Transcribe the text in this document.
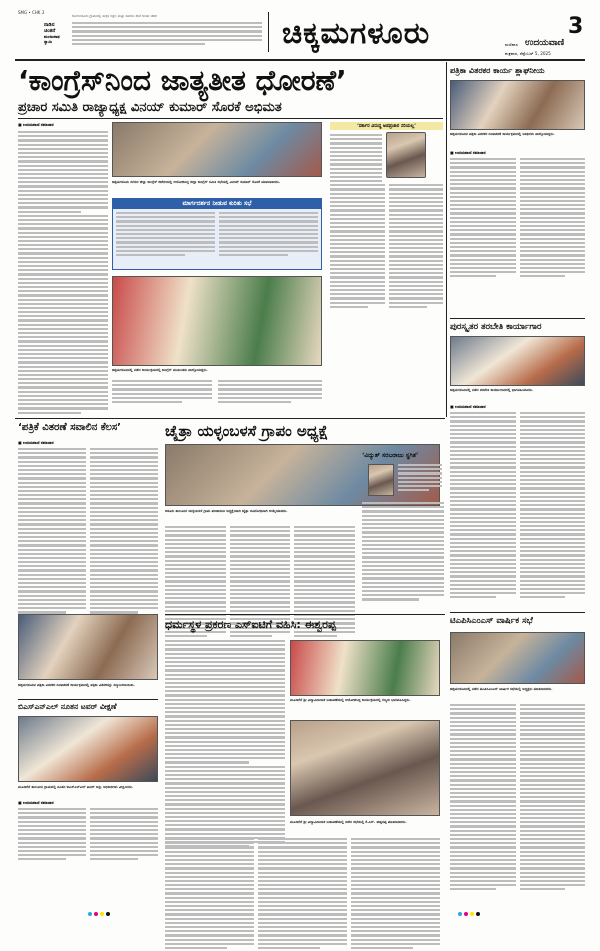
SMG • CHK 3
ನಾಡಿನ
ಚಿಂತನೆ
ಮಂಜುನಾಥ ಸ್ವಾಮಿ
ಕೋಣಂದೂರು ಗ್ರಾಮದಲ್ಲಿ ಮಕ್ಕಳ ಶಿಕ್ಷಣ ಮತ್ತು ಸಮಾಜ ಸೇವೆ ಕುರಿತು ಚರ್ಚೆ	ಚಿಕ್ಕಮಗಳೂರು	3
ಮಣಿಪಾಲ ಉದಯವಾಣಿ
ಶುಕ್ರವಾರ, ಸೆಪ್ಟೆಂಬರ್ 5, 2025
‘ಕಾಂಗ್ರೆಸ್‌ನಿಂದ ಜಾತ್ಯತೀತ ಧೋರಣೆ’
ಪ್ರಚಾರ ಸಮಿತಿ ರಾಜ್ಯಾಧ್ಯಕ್ಷ ವಿನಯ್ ಕುಮಾರ್ ಸೊರಕೆ ಅಭಿಮತ
■ ಉದಯವಾಣಿ ಸಮಾಚಾರ
ಚಿಕ್ಕಮಗಳೂರು ನಗರದ ಜಿಲ್ಲಾ ಕಾಂಗ್ರೆಸ್ ಕಚೇರಿಯಲ್ಲಿ ಆಯೋಜಿಸಿದ್ದ ಜಿಲ್ಲಾ ಕಾಂಗ್ರೆಸ್ ಸಮಿತಿ ಸಭೆಯಲ್ಲಿ ವಿನಯ್ ಕುಮಾರ್ ಸೊರಕೆ ಮಾತನಾಡಿದರು.
ಮಾರ್ಗದರ್ಶನ ನೀಡುವ ಕುರಿತು ಸಭೆ
ಚಿಕ್ಕಮಗಳೂರಿನಲ್ಲಿ ನಡೆದ ಕಾರ್ಯಕ್ರಮದಲ್ಲಿ ಕಾಂಗ್ರೆಸ್ ಮುಖಂಡರು ಪಾಲ್ಗೊಂಡಿದ್ದರು.
‘ಸರ್ಕಾರ ವಿರುದ್ಧ ಅಪಪ್ರಚಾರ ಸರಿಯಲ್ಲ’
ಪತ್ರಿಕಾ ವಿತರಕರ ಕಾರ್ಯ ಶ್ಲಾಘನೀಯ
ಚಿಕ್ಕಮಗಳೂರಿನ ಪತ್ರಿಕಾ ವಿತರಕರ ದಿನಾಚರಣೆ ಕಾರ್ಯಕ್ರಮದಲ್ಲಿ ಅತಿಥಿಗಳು ಪಾಲ್ಗೊಂಡಿದ್ದರು.
■ ಉದಯವಾಣಿ ಸಮಾಚಾರ
ಪುರಸ್ಕೃತರ ತರಬೇತಿ ಕಾರ್ಯಾಗಾರ
ಚಿಕ್ಕಮಗಳೂರಿನಲ್ಲಿ ನಡೆದ ತರಬೇತಿ ಕಾರ್ಯಾಗಾರದಲ್ಲಿ ಭಾಗವಹಿಸಿದವರು.
■ ಉದಯವಾಣಿ ಸಮಾಚಾರ
‘ಪತ್ರಿಕೆ ವಿತರಣೆ ಸವಾಲಿನ ಕೆಲಸ’
■ ಉದಯವಾಣಿ ಸಮಾಚಾರ
ಚೈತ್ರಾ ಯಳ್ಳಂಬಳಸೆ ಗ್ರಾಪಂ ಅಧ್ಯಕ್ಷೆ
ಕಡೂರು ತಾಲೂಕಿನ ಯಳ್ಳಂಬಳಸೆ ಗ್ರಾಮ ಪಂಚಾಯಿತಿ ಅಧ್ಯಕ್ಷೆಯಾಗಿ ಚೈತ್ರಾ ಅವಿರೋಧವಾಗಿ ಆಯ್ಕೆಯಾದರು.
‘ವಿದ್ಯುತ್ ಸರಬರಾಜು ಸ್ಥಗಿತ’
ಚಿಕ್ಕಮಗಳೂರಿನ ಪತ್ರಿಕಾ ವಿತರಕರ ದಿನಾಚರಣೆ ಕಾರ್ಯಕ್ರಮದಲ್ಲಿ ಪತ್ರಿಕಾ ವಿತರಕರನ್ನು ಸನ್ಮಾನಿಸಲಾಯಿತು.
ಬಿಎಸ್‌ಎನ್‌ಎಲ್ ನೂತನ ಟವರ್ ವೀಕ್ಷಣೆ
ಮೂಡಿಗೆರೆ ತಾಲೂಕಿನ ಗ್ರಾಮದಲ್ಲಿ ನೂತನ ಬಿಎಸ್‌ಎನ್‌ಎಲ್ ಟವರ್ ಅನ್ನು ಅಧಿಕಾರಿಗಳು ವೀಕ್ಷಿಸಿದರು.
■ ಉದಯವಾಣಿ ಸಮಾಚಾರ
ಧರ್ಮಸ್ಥಳ ಪ್ರಕರಣ ಎಸ್‌ಐಟಿಗೆ ವಹಿಸಿ: ಈಶ್ವರಪ್ಪ
ಮೂಡಿಗೆರೆ ಶ್ರೀ ವಿದ್ಯಾವಿನಾಯಕ ಬಡಾವಣೆಯಲ್ಲಿ ಆಯೋಜಿಸಿದ್ದ ಕಾರ್ಯಕ್ರಮದಲ್ಲಿ ಗಣ್ಯರು ಭಾಗವಹಿಸಿದ್ದರು.
ಮೂಡಿಗೆರೆ ಶ್ರೀ ವಿದ್ಯಾವಿನಾಯಕ ಬಡಾವಣೆಯಲ್ಲಿ ನಡೆದ ಸಭೆಯಲ್ಲಿ ಕೆ.ಎಸ್. ಈಶ್ವರಪ್ಪ ಮಾತನಾಡಿದರು.
ಟಿಎಪಿಸಿಎಂಎಸ್ ವಾರ್ಷಿಕ ಸಭೆ
ಚಿಕ್ಕಮಗಳೂರಿನಲ್ಲಿ ನಡೆದ ಟಿಎಪಿಸಿಎಂಎಸ್ ವಾರ್ಷಿಕ ಸಭೆಯಲ್ಲಿ ಅಧ್ಯಕ್ಷರು ಮಾತನಾಡಿದರು.
